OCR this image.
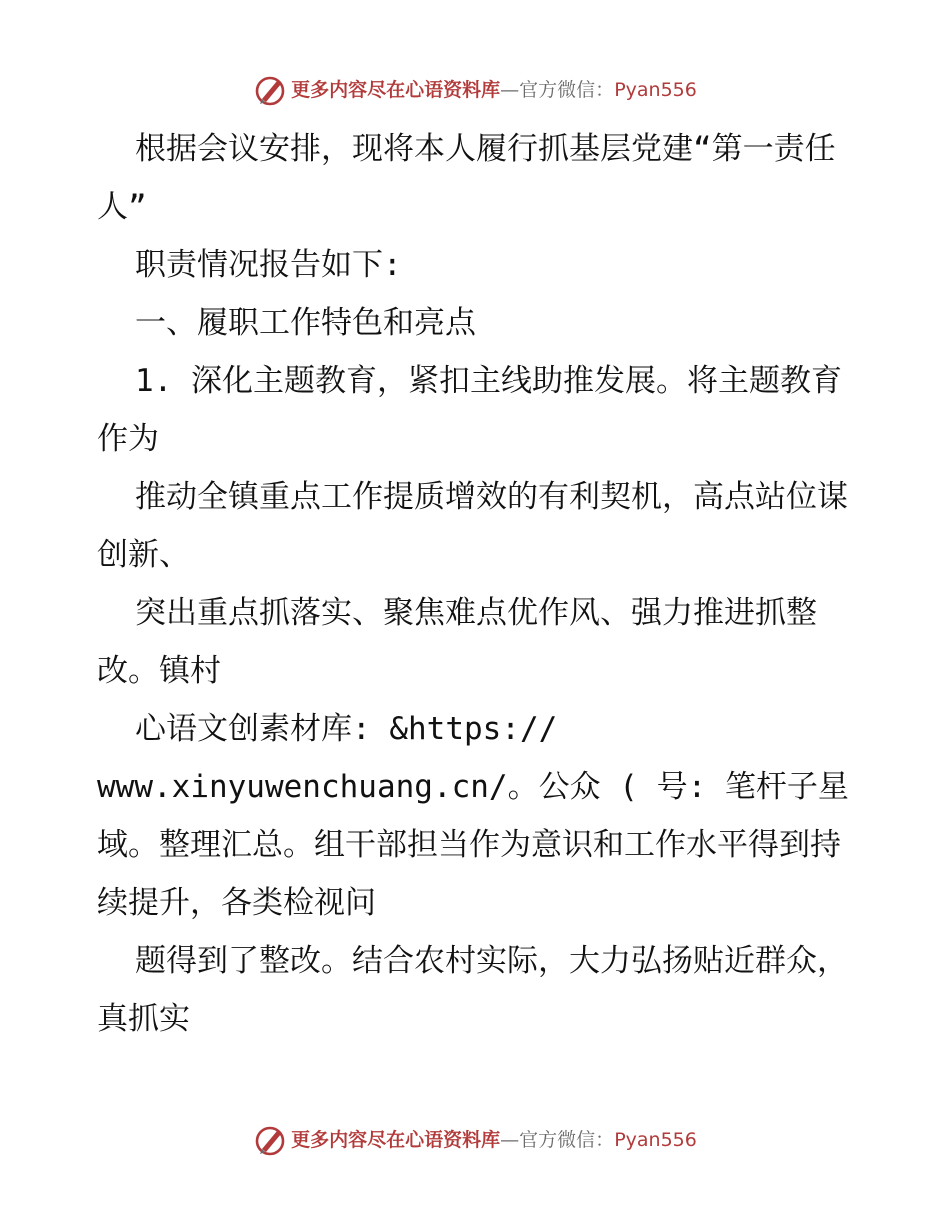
更多内容尽在心语资料库 —官方微信： Pyan556

根据会议安排，现将本人履行抓基层党建“第一责任人”

职责情况报告如下:

一、履职工作特色和亮点

1. 深化主题教育，紧扣主线助推发展。将主题教育作为

推动全镇重点工作提质增效的有利契机，高点站位谋创新、

突出重点抓落实、聚焦难点优作风、强力推进抓整改。镇村

心语文创素材库: &https://

www.xinyuwenchuang.cn/。公众 ( 号: 笔杆子星域。整理汇总。组干部担当作为意识和工作水平得到持续提升，各类检视问

题得到了整改。结合农村实际，大力弘扬贴近群众，真抓实

更多内容尽在心语资料库 —官方微信： Pyan556
